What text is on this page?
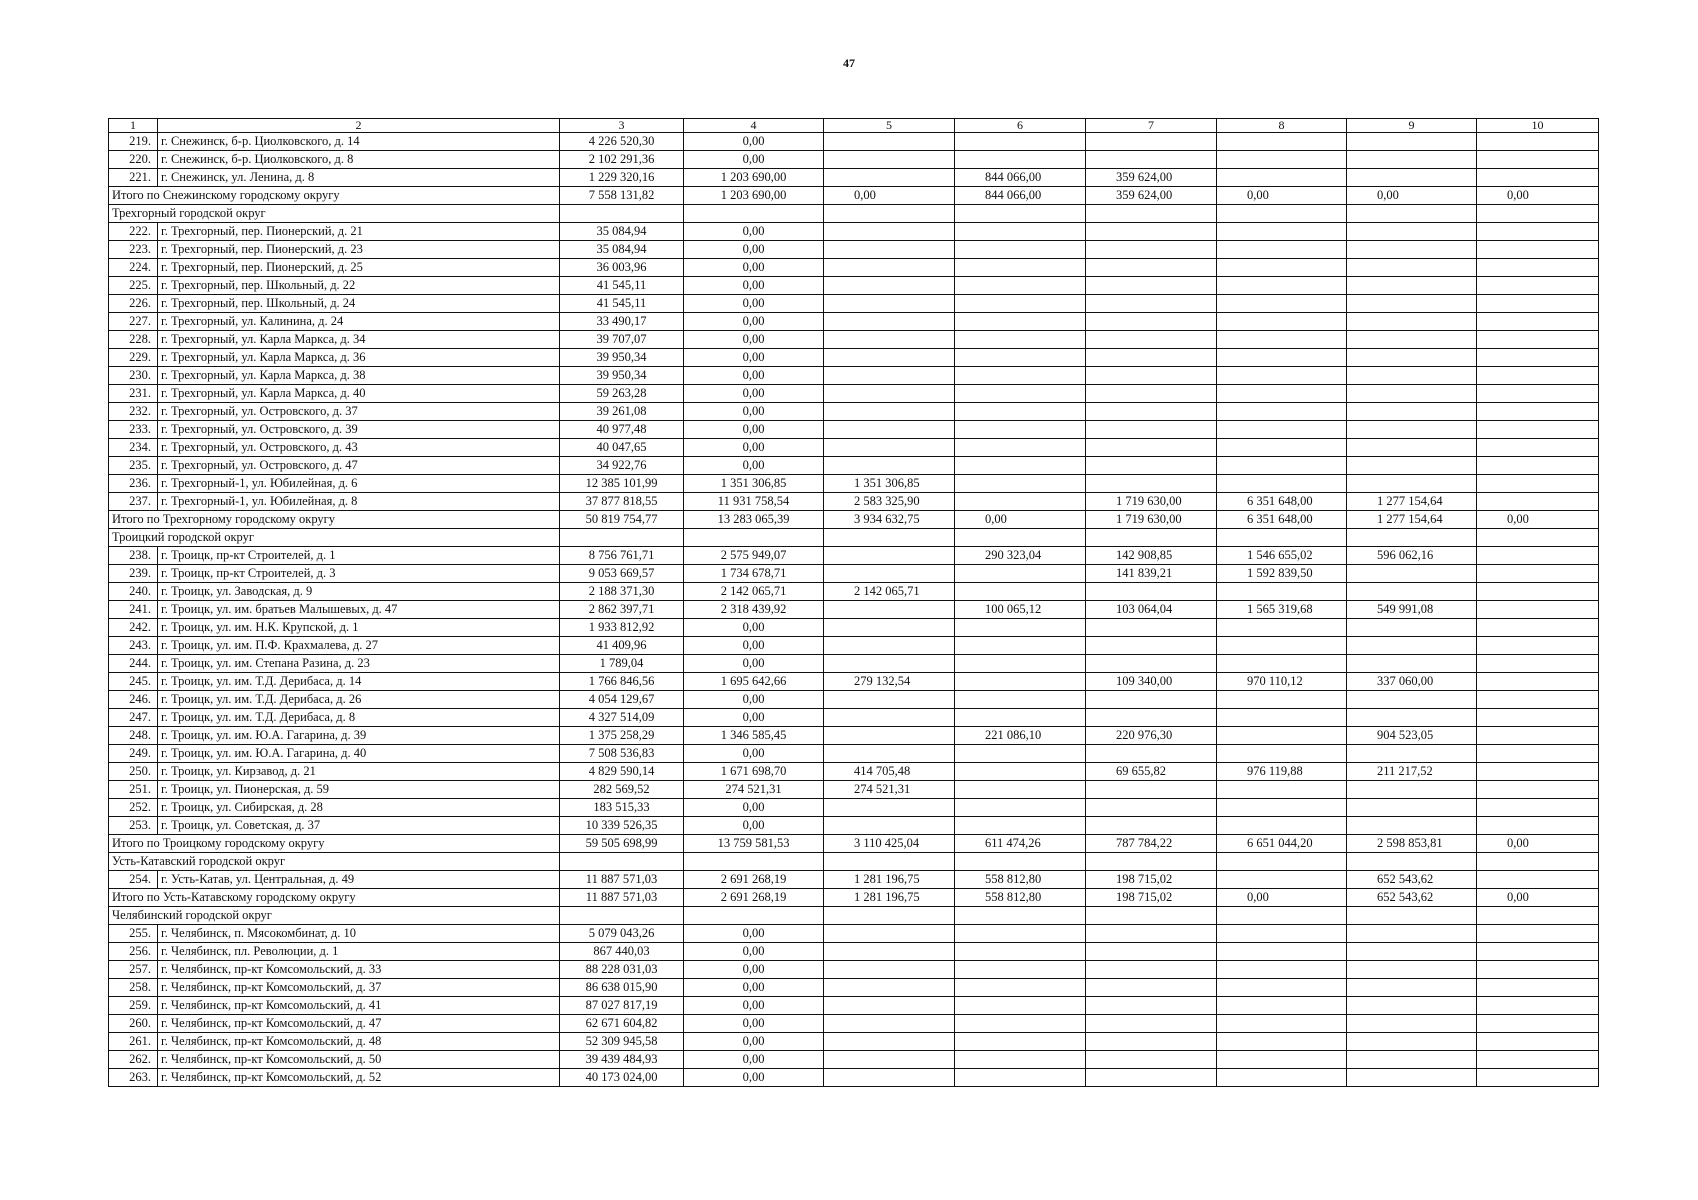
47
1	2	3	4	5	6	7	8	9	10
219.	г. Снежинск, б-р. Циолковского, д. 14	4 226 520,30	0,00						
220.	г. Снежинск, б-р. Циолковского, д. 8	2 102 291,36	0,00						
221.	г. Снежинск, ул. Ленина, д. 8	1 229 320,16	1 203 690,00		844 066,00	359 624,00			
Итого по Снежинскому городскому округу		7 558 131,82	1 203 690,00	0,00	844 066,00	359 624,00	0,00	0,00	0,00
Трехгорный городской округ									
222.	г. Трехгорный, пер. Пионерский, д. 21	35 084,94	0,00						
223.	г. Трехгорный, пер. Пионерский, д. 23	35 084,94	0,00						
224.	г. Трехгорный, пер. Пионерский, д. 25	36 003,96	0,00						
225.	г. Трехгорный, пер. Школьный, д. 22	41 545,11	0,00						
226.	г. Трехгорный, пер. Школьный, д. 24	41 545,11	0,00						
227.	г. Трехгорный, ул. Калинина, д. 24	33 490,17	0,00						
228.	г. Трехгорный, ул. Карла Маркса, д. 34	39 707,07	0,00						
229.	г. Трехгорный, ул. Карла Маркса, д. 36	39 950,34	0,00						
230.	г. Трехгорный, ул. Карла Маркса, д. 38	39 950,34	0,00						
231.	г. Трехгорный, ул. Карла Маркса, д. 40	59 263,28	0,00						
232.	г. Трехгорный, ул. Островского, д. 37	39 261,08	0,00						
233.	г. Трехгорный, ул. Островского, д. 39	40 977,48	0,00						
234.	г. Трехгорный, ул. Островского, д. 43	40 047,65	0,00						
235.	г. Трехгорный, ул. Островского, д. 47	34 922,76	0,00						
236.	г. Трехгорный-1, ул. Юбилейная, д. 6	12 385 101,99	1 351 306,85	1 351 306,85					
237.	г. Трехгорный-1, ул. Юбилейная, д. 8	37 877 818,55	11 931 758,54	2 583 325,90		1 719 630,00	6 351 648,00	1 277 154,64	
Итого по Трехгорному городскому округу		50 819 754,77	13 283 065,39	3 934 632,75	0,00	1 719 630,00	6 351 648,00	1 277 154,64	0,00
Троицкий городской округ									
238.	г. Троицк, пр-кт Строителей, д. 1	8 756 761,71	2 575 949,07		290 323,04	142 908,85	1 546 655,02	596 062,16	
239.	г. Троицк, пр-кт Строителей, д. 3	9 053 669,57	1 734 678,71			141 839,21	1 592 839,50		
240.	г. Троицк, ул. Заводская, д. 9	2 188 371,30	2 142 065,71	2 142 065,71					
241.	г. Троицк, ул. им. братьев Малышевых, д. 47	2 862 397,71	2 318 439,92		100 065,12	103 064,04	1 565 319,68	549 991,08	
242.	г. Троицк, ул. им. Н.К. Крупской, д. 1	1 933 812,92	0,00						
243.	г. Троицк, ул. им. П.Ф. Крахмалева, д. 27	41 409,96	0,00						
244.	г. Троицк, ул. им. Степана Разина, д. 23	1 789,04	0,00						
245.	г. Троицк, ул. им. Т.Д. Дерибаса, д. 14	1 766 846,56	1 695 642,66	279 132,54		109 340,00	970 110,12	337 060,00	
246.	г. Троицк, ул. им. Т.Д. Дерибаса, д. 26	4 054 129,67	0,00						
247.	г. Троицк, ул. им. Т.Д. Дерибаса, д. 8	4 327 514,09	0,00						
248.	г. Троицк, ул. им. Ю.А. Гагарина, д. 39	1 375 258,29	1 346 585,45		221 086,10	220 976,30		904 523,05	
249.	г. Троицк, ул. им. Ю.А. Гагарина, д. 40	7 508 536,83	0,00						
250.	г. Троицк, ул. Кирзавод, д. 21	4 829 590,14	1 671 698,70	414 705,48		69 655,82	976 119,88	211 217,52	
251.	г. Троицк, ул. Пионерская, д. 59	282 569,52	274 521,31	274 521,31					
252.	г. Троицк, ул. Сибирская, д. 28	183 515,33	0,00						
253.	г. Троицк, ул. Советская, д. 37	10 339 526,35	0,00						
Итого по Троицкому городскому округу		59 505 698,99	13 759 581,53	3 110 425,04	611 474,26	787 784,22	6 651 044,20	2 598 853,81	0,00
Усть-Катавский городской округ									
254.	г. Усть-Катав, ул. Центральная, д. 49	11 887 571,03	2 691 268,19	1 281 196,75	558 812,80	198 715,02		652 543,62	
Итого по Усть-Катавскому городскому округу		11 887 571,03	2 691 268,19	1 281 196,75	558 812,80	198 715,02	0,00	652 543,62	0,00
Челябинский городской округ									
255.	г. Челябинск, п. Мясокомбинат, д. 10	5 079 043,26	0,00						
256.	г. Челябинск, пл. Революции, д. 1	867 440,03	0,00						
257.	г. Челябинск, пр-кт Комсомольский, д. 33	88 228 031,03	0,00						
258.	г. Челябинск, пр-кт Комсомольский, д. 37	86 638 015,90	0,00						
259.	г. Челябинск, пр-кт Комсомольский, д. 41	87 027 817,19	0,00						
260.	г. Челябинск, пр-кт Комсомольский, д. 47	62 671 604,82	0,00						
261.	г. Челябинск, пр-кт Комсомольский, д. 48	52 309 945,58	0,00						
262.	г. Челябинск, пр-кт Комсомольский, д. 50	39 439 484,93	0,00						
263.	г. Челябинск, пр-кт Комсомольский, д. 52	40 173 024,00	0,00						
